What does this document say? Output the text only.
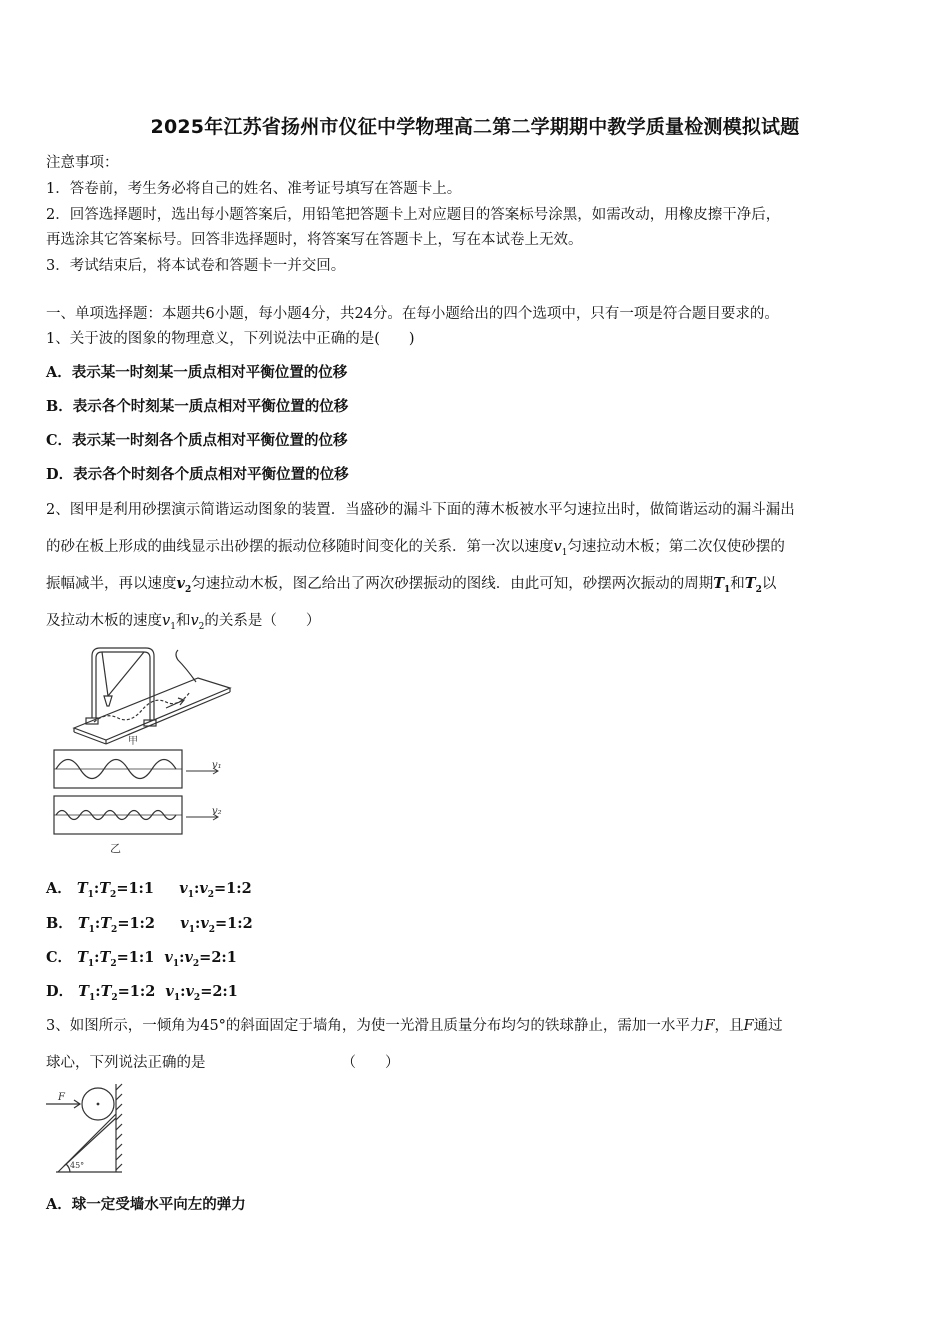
2025年江苏省扬州市仪征中学物理高二第二学期期中教学质量检测模拟试题
注意事项：
1．答卷前，考生务必将自己的姓名、准考证号填写在答题卡上。
2．回答选择题时，选出每小题答案后，用铅笔把答题卡上对应题目的答案标号涂黑，如需改动，用橡皮擦干净后，
再选涂其它答案标号。回答非选择题时，将答案写在答题卡上，写在本试卷上无效。
3．考试结束后，将本试卷和答题卡一并交回。
一、单项选择题：本题共6小题，每小题4分，共24分。在每小题给出的四个选项中，只有一项是符合题目要求的。
1、关于波的图象的物理意义，下列说法中正确的是(　　)
A．表示某一时刻某一质点相对平衡位置的位移
B．表示各个时刻某一质点相对平衡位置的位移
C．表示某一时刻各个质点相对平衡位置的位移
D．表示各个时刻各个质点相对平衡位置的位移
2、图甲是利用砂摆演示简谐运动图象的装置．当盛砂的漏斗下面的薄木板被水平匀速拉出时，做简谐运动的漏斗漏出
的砂在板上形成的曲线显示出砂摆的振动位移随时间变化的关系．第一次以速度$v_1$匀速拉动木板；第二次仅使砂摆的
振幅减半，再以速度$v_2$匀速拉动木板，图乙给出了两次砂摆振动的图线．由此可知，砂摆两次振动的周期$T_1$和$T_2$以
及拉动木板的速度$v_1$和$v_2$的关系是（　　）
甲
v₁
v₂
乙
A． $T_1:T_2=1:1$ $v_1:v_2=1:2$
B． $T_1:T_2=1:2$ $v_1:v_2=1:2$
C． $T_1:T_2=1:1$ $v_1:v_2=2:1$
D． $T_1:T_2=1:2$ $v_1:v_2=2:1$
3、如图所示，一倾角为45°的斜面固定于墙角，为使一光滑且质量分布均匀的铁球静止，需加一水平力F，且F通过
球心，下列说法正确的是	（　　）
F
45°
A．球一定受墙水平向左的弹力
